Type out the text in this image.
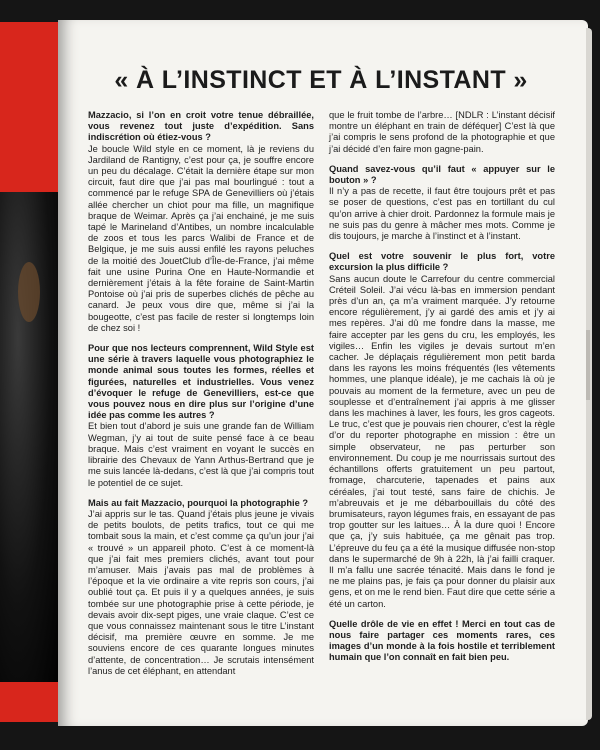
« À L’INSTINCT ET À L’INSTANT »
Mazzacio, si l’on en croit votre tenue débraillée, vous revenez tout juste d’expédition. Sans indiscrétion où étiez-vous ?
Je boucle Wild style en ce moment, là je reviens du Jardiland de Rantigny, c’est pour ça, je souffre encore un peu du décalage. C’était la dernière étape sur mon circuit, faut dire que j’ai pas mal bourlingué : tout a commencé par le refuge SPA de Genevilliers où j’étais allée chercher un chiot pour ma fille, un magnifique braque de Weimar. Après ça j’ai enchainé, je me suis tapé le Marineland d’Antibes, un nombre incalculable de zoos et tous les parcs Walibi de France et de Belgique, je me suis aussi enfilé les rayons peluches de la moitié des JouetClub d’Île-de-France, j’ai même fait une usine Purina One en Haute-Normandie et dernièrement j’étais à la fête foraine de Saint-Martin Pontoise où j’ai pris de superbes clichés de pêche au canard. Je peux vous dire que, même si j’ai la bougeotte, c’est pas facile de rester si longtemps loin de chez soi !
Pour que nos lecteurs comprennent, Wild Style est une série à travers laquelle vous photographiez le monde animal sous toutes les formes, réelles et figurées, naturelles et industrielles. Vous venez d’évoquer le refuge de Genevilliers, est-ce que vous pouvez nous en dire plus sur l’origine d’une idée pas comme les autres ?
Et bien tout d’abord je suis une grande fan de William Wegman, j’y ai tout de suite pensé face à ce beau braque. Mais c’est vraiment en voyant le succès en librairie des Chevaux de Yann Arthus-Bertrand que je me suis lancée là-dedans, c’est là que j’ai compris tout le potentiel de ce sujet.
Mais au fait Mazzacio, pourquoi la photographie ?
J’ai appris sur le tas. Quand j’étais plus jeune je vivais de petits boulots, de petits trafics, tout ce qui me tombait sous la main, et c’est comme ça qu’un jour j’ai « trouvé » un appareil photo. C’est à ce moment-là que j’ai fait mes premiers clichés, avant tout pour m’amuser. Mais j’avais pas mal de problèmes à l’époque et la vie ordinaire a vite repris son cours, j’ai oublié tout ça. Et puis il y a quelques années, je suis tombée sur une photographie prise à cette période, je devais avoir dix-sept piges, une vraie claque. C’est ce que vous connaissez maintenant sous le titre L’instant décisif, ma première œuvre en somme. Je me souviens encore de ces quarante longues minutes d’attente, de concentration… Je scrutais intensément l’anus de cet éléphant, en attendant
que le fruit tombe de l’arbre… [NDLR : L’instant décisif montre un éléphant en train de déféquer] C’est là que j’ai compris le sens profond de la photographie et que j’ai décidé d’en faire mon gagne-pain.
Quand savez-vous qu’il faut « appuyer sur le bouton » ?
Il n’y a pas de recette, il faut être toujours prêt et pas se poser de questions, c’est pas en tortillant du cul qu’on arrive à chier droit. Pardonnez la formule mais je ne suis pas du genre à mâcher mes mots. Comme je dis toujours, je marche à l’instinct et à l’instant.
Quel est votre souvenir le plus fort, votre excursion la plus difficile ?
Sans aucun doute le Carrefour du centre commercial Créteil Soleil. J’ai vécu là-bas en immersion pendant près d’un an, ça m’a vraiment marquée. J’y retourne encore régulièrement, j’y ai gardé des amis et j’y ai mes repères. J’ai dû me fondre dans la masse, me faire accepter par les gens du cru, les employés, les vigiles… Enfin les vigiles je devais surtout m’en cacher. Je déplaçais régulièrement mon petit barda dans les rayons les moins fréquentés (les vêtements hommes, une planque idéale), je me cachais là où je pouvais au moment de la fermeture, avec un peu de souplesse et d’entraînement j’ai appris à me glisser dans les machines à laver, les fours, les gros cageots. Le truc, c’est que je pouvais rien chourer, c’est la règle d’or du reporter photographe en mission : être un simple observateur, ne pas perturber son environnement. Du coup je me nourrissais surtout des échantillons offerts gratuitement un peu partout, fromage, charcuterie, tapenades et pains aux céréales, j’ai tout testé, sans faire de chichis. Je m’abreuvais et je me débarbouillais du côté des brumisateurs, rayon légumes frais, en essayant de pas trop goutter sur les laitues… À la dure quoi ! Encore que ça, j’y suis habituée, ça me gênait pas trop. L’épreuve du feu ça a été la musique diffusée non-stop dans le supermarché de 9h à 22h, là j’ai failli craquer. Il m’a fallu une sacrée ténacité. Mais dans le fond je ne me plains pas, je fais ça pour donner du plaisir aux gens, et on me le rend bien. Faut dire que cette série a été un carton.
Quelle drôle de vie en effet ! Merci en tout cas de nous faire partager ces moments rares, ces images d’un monde à la fois hostile et terriblement humain que l’on connaît en fait bien peu.
